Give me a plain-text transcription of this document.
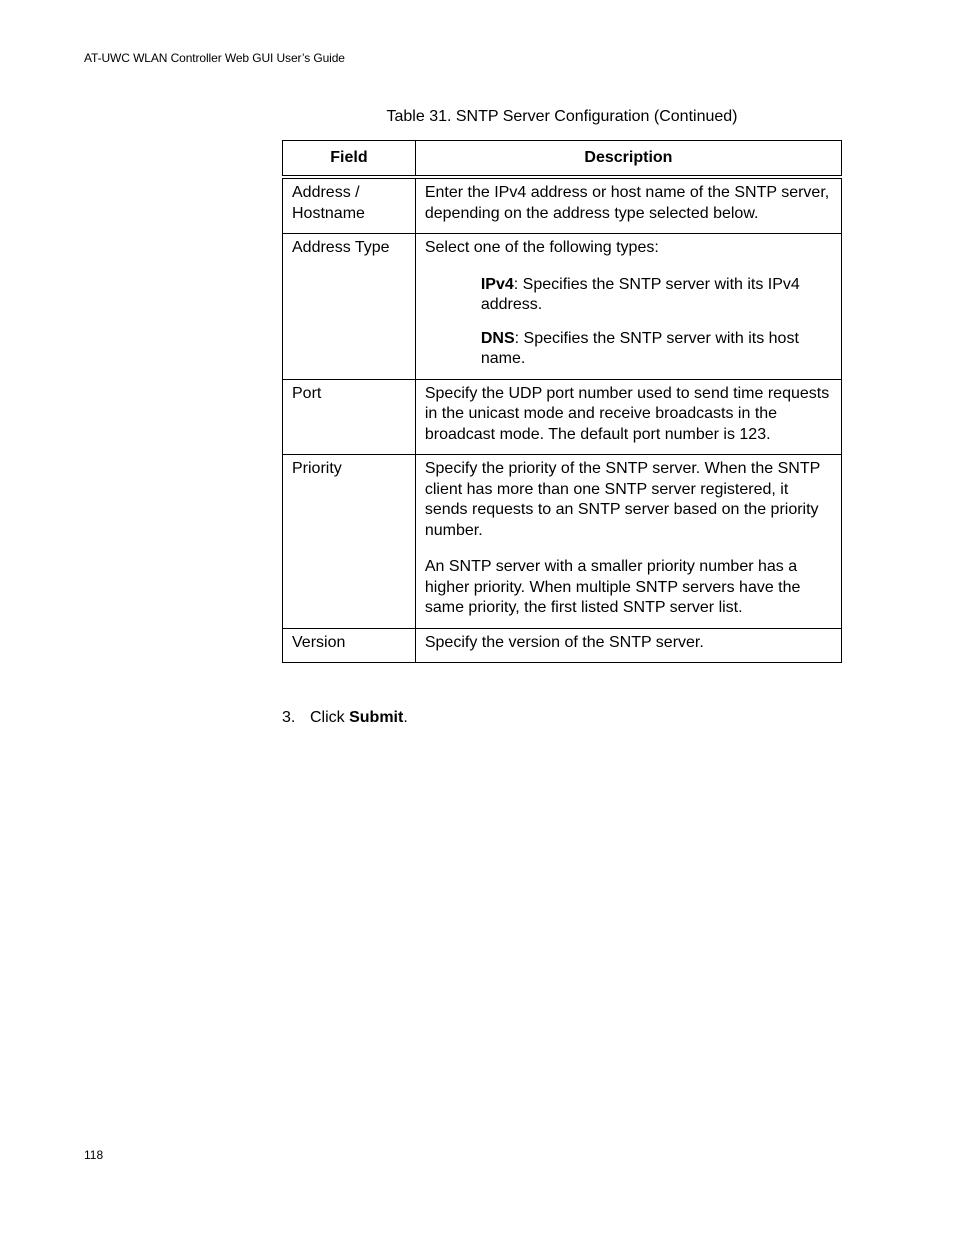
AT-UWC WLAN Controller Web GUI User’s Guide
Table 31. SNTP Server Configuration (Continued)
Field	Description
Address / Hostname	Enter the IPv4 address or host name of the SNTP server, depending on the address type selected below.

Address Type	Select one of the following types:

IPv4: Specifies the SNTP server with its IPv4 address.

DNS: Specifies the SNTP server with its host name.

Port	Specify the UDP port number used to send time requests in the unicast mode and receive broadcasts in the broadcast mode. The default port number is 123.

Priority	Specify the priority of the SNTP server. When the SNTP client has more than one SNTP server registered, it sends requests to an SNTP server based on the priority number.

An SNTP server with a smaller priority number has a higher priority. When multiple SNTP servers have the same priority, the first listed SNTP server list.

Version	Specify the version of the SNTP server.

3. Click Submit.
118
